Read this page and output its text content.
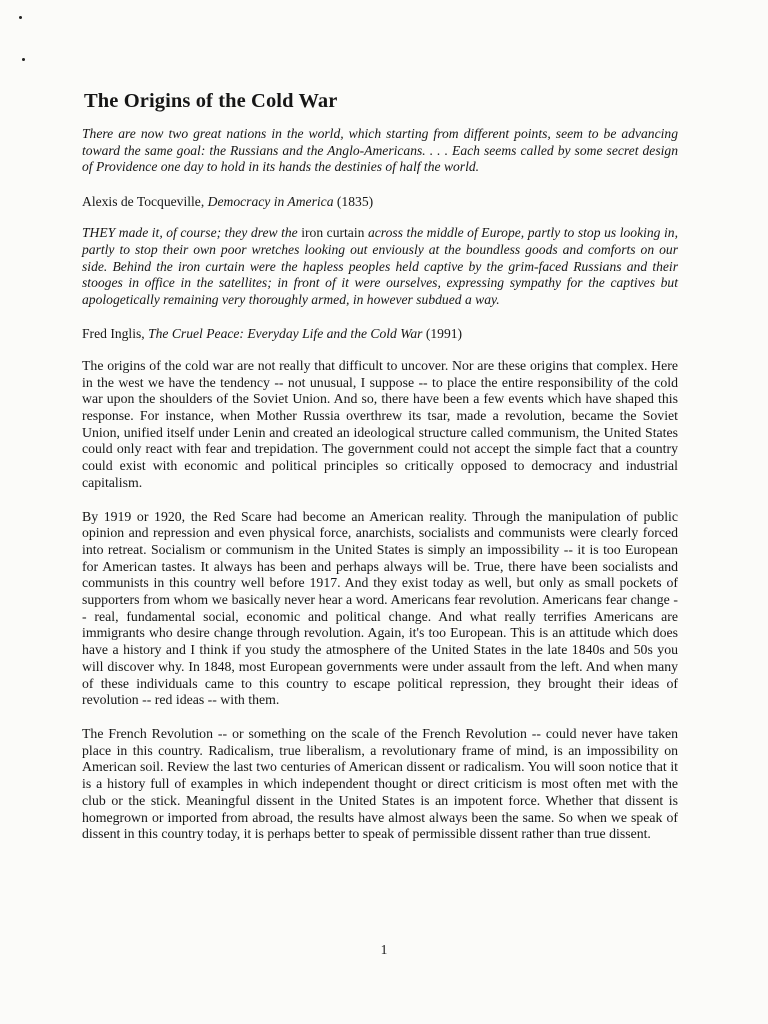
The Origins of the Cold War

There are now two great nations in the world, which starting from different points, seem to be advancing toward the same goal: the Russians and the Anglo-Americans. . . . Each seems called by some secret design of Providence one day to hold in its hands the destinies of half the world.

Alexis de Tocqueville, Democracy in America (1835)

THEY made it, of course; they drew the iron curtain across the middle of Europe, partly to stop us looking in, partly to stop their own poor wretches looking out enviously at the boundless goods and comforts on our side. Behind the iron curtain were the hapless peoples held captive by the grim-faced Russians and their stooges in office in the satellites; in front of it were ourselves, expressing sympathy for the captives but apologetically remaining very thoroughly armed, in however subdued a way.

Fred Inglis, The Cruel Peace: Everyday Life and the Cold War (1991)

The origins of the cold war are not really that difficult to uncover. Nor are these origins that complex. Here in the west we have the tendency -- not unusual, I suppose -- to place the entire responsibility of the cold war upon the shoulders of the Soviet Union. And so, there have been a few events which have shaped this response. For instance, when Mother Russia overthrew its tsar, made a revolution, became the Soviet Union, unified itself under Lenin and created an ideological structure called communism, the United States could only react with fear and trepidation. The government could not accept the simple fact that a country could exist with economic and political principles so critically opposed to democracy and industrial capitalism.

By 1919 or 1920, the Red Scare had become an American reality. Through the manipulation of public opinion and repression and even physical force, anarchists, socialists and communists were clearly forced into retreat. Socialism or communism in the United States is simply an impossibility -- it is too European for American tastes. It always has been and perhaps always will be. True, there have been socialists and communists in this country well before 1917. And they exist today as well, but only as small pockets of supporters from whom we basically never hear a word. Americans fear revolution. Americans fear change -- real, fundamental social, economic and political change. And what really terrifies Americans are immigrants who desire change through revolution. Again, it's too European. This is an attitude which does have a history and I think if you study the atmosphere of the United States in the late 1840s and 50s you will discover why. In 1848, most European governments were under assault from the left. And when many of these individuals came to this country to escape political repression, they brought their ideas of revolution -- red ideas -- with them.

The French Revolution -- or something on the scale of the French Revolution -- could never have taken place in this country. Radicalism, true liberalism, a revolutionary frame of mind, is an impossibility on American soil. Review the last two centuries of American dissent or radicalism. You will soon notice that it is a history full of examples in which independent thought or direct criticism is most often met with the club or the stick. Meaningful dissent in the United States is an impotent force. Whether that dissent is homegrown or imported from abroad, the results have almost always been the same. So when we speak of dissent in this country today, it is perhaps better to speak of permissible dissent rather than true dissent.

1
